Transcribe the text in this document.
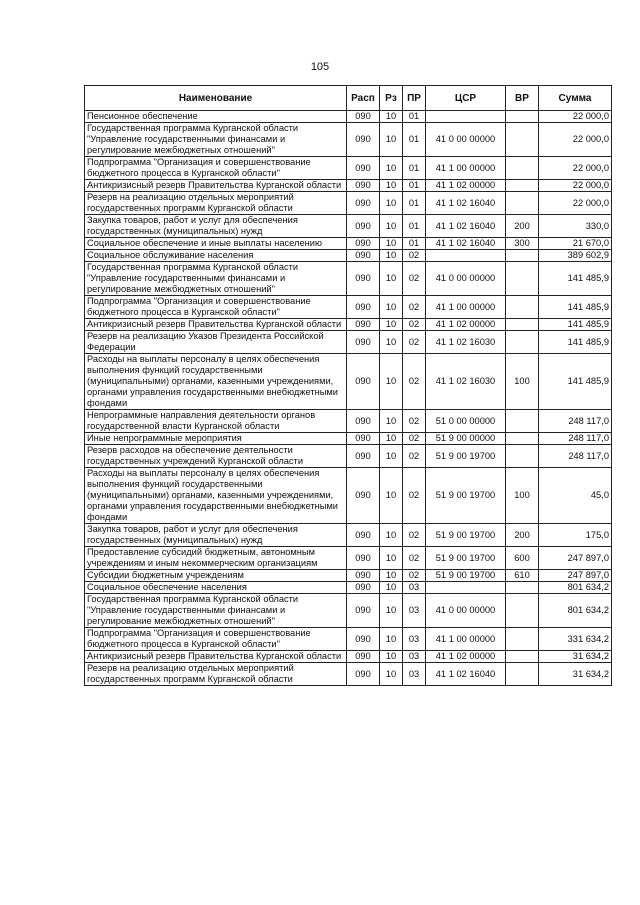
105
Наименование	Расп	Рз	ПР	ЦСР	ВР	Сумма
Пенсионное обеспечение	090	10	01			22 000,0
Государственная программа Курганской области "Управление государственными финансами и регулирование межбюджетных отношений"	090	10	01	41 0 00 00000		22 000,0
Подпрограмма "Организация и совершенствование бюджетного процесса в Курганской области"	090	10	01	41 1 00 00000		22 000,0
Антикризисный резерв Правительства Курганской области	090	10	01	41 1 02 00000		22 000,0
Резерв на реализацию отдельных мероприятий государственных программ Курганской области	090	10	01	41 1 02 16040		22 000,0
Закупка товаров, работ и услуг для обеспечения государственных (муниципальных) нужд	090	10	01	41 1 02 16040	200	330,0
Социальное обеспечение и иные выплаты населению	090	10	01	41 1 02 16040	300	21 670,0
Социальное обслуживание населения	090	10	02			389 602,9
Государственная программа Курганской области "Управление государственными финансами и регулирование межбюджетных отношений"	090	10	02	41 0 00 00000		141 485,9
Подпрограмма "Организация и совершенствование бюджетного процесса в Курганской области"	090	10	02	41 1 00 00000		141 485,9
Антикризисный резерв Правительства Курганской области	090	10	02	41 1 02 00000		141 485,9
Резерв на реализацию Указов Президента Российской Федерации	090	10	02	41 1 02 16030		141 485,9
Расходы на выплаты персоналу в целях обеспечения выполнения функций государственными (муниципальными) органами, казенными учреждениями, органами управления государственными внебюджетными фондами	090	10	02	41 1 02 16030	100	141 485,9
Непрограммные направления деятельности органов государственной власти Курганской области	090	10	02	51 0 00 00000		248 117,0
Иные непрограммные мероприятия	090	10	02	51 9 00 00000		248 117,0
Резерв расходов на обеспечение деятельности государственных учреждений Курганской области	090	10	02	51 9 00 19700		248 117,0
Расходы на выплаты персоналу в целях обеспечения выполнения функций государственными (муниципальными) органами, казенными учреждениями, органами управления государственными внебюджетными фондами	090	10	02	51 9 00 19700	100	45,0
Закупка товаров, работ и услуг для обеспечения государственных (муниципальных) нужд	090	10	02	51 9 00 19700	200	175,0
Предоставление субсидий бюджетным, автономным учреждениям и иным некоммерческим организациям	090	10	02	51 9 00 19700	600	247 897,0
Субсидии бюджетным учреждениям	090	10	02	51 9 00 19700	610	247 897,0
Социальное обеспечение населения	090	10	03			801 634,2
Государственная программа Курганской области "Управление государственными финансами и регулирование межбюджетных отношений"	090	10	03	41 0 00 00000		801 634,2
Подпрограмма "Организация и совершенствование бюджетного процесса в Курганской области"	090	10	03	41 1 00 00000		331 634,2
Антикризисный резерв Правительства Курганской области	090	10	03	41 1 02 00000		31 634,2
Резерв на реализацию отдельных мероприятий государственных программ Курганской области	090	10	03	41 1 02 16040		31 634,2
